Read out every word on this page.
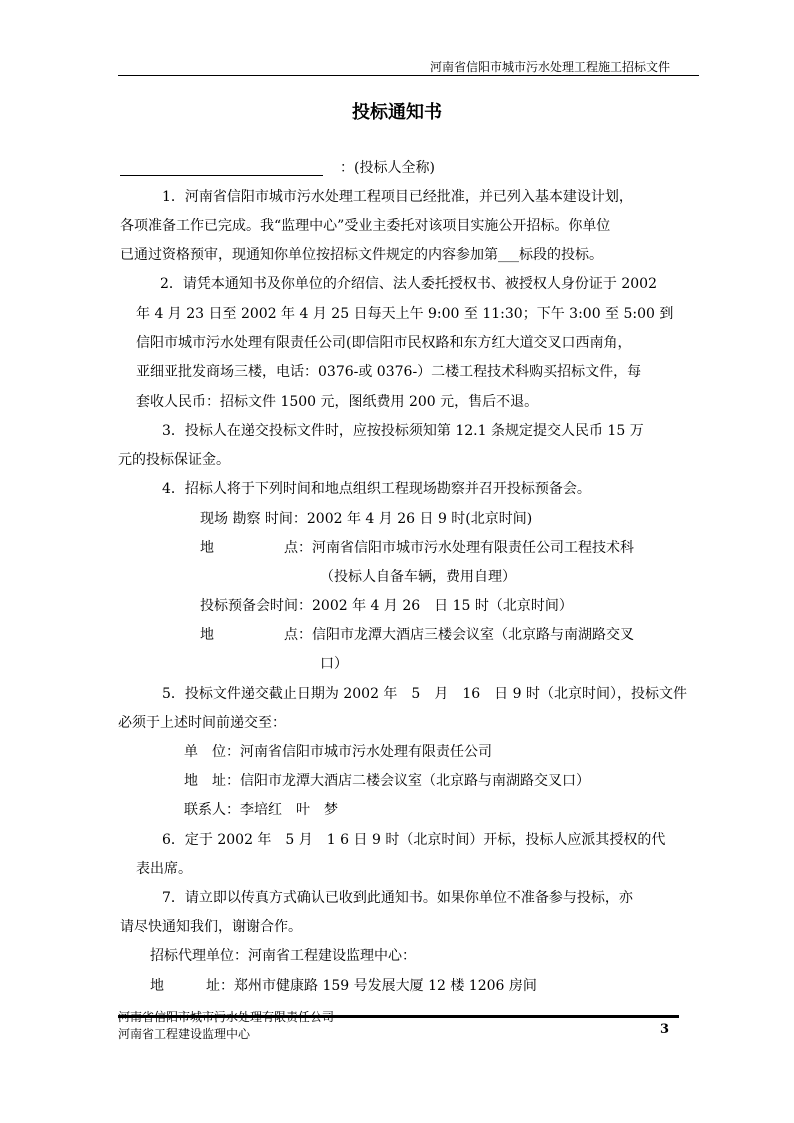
河南省信阳市城市污水处理工程施工招标文件
投标通知书
：(投标人全称)
1．河南省信阳市城市污水处理工程项目已经批准，并已列入基本建设计划，
各项准备工作已完成。我“监理中心”受业主委托对该项目实施公开招标。你单位
已通过资格预审，现通知你单位按招标文件规定的内容参加第___标段的投标。
2．请凭本通知书及你单位的介绍信、法人委托授权书、被授权人身份证于 2002
年 4 月 23 日至 2002 年 4 月 25 日每天上午 9:00 至 11:30；下午 3:00 至 5:00 到
信阳市城市污水处理有限责任公司(即信阳市民权路和东方红大道交叉口西南角，
亚细亚批发商场三楼，电话：0376-或 0376-）二楼工程技术科购买招标文件，每
套收人民币：招标文件 1500 元，图纸费用 200 元，售后不退。
3．投标人在递交投标文件时，应按投标须知第 12.1 条规定提交人民币 15 万
元的投标保证金。
4．招标人将于下列时间和地点组织工程现场勘察并召开投标预备会。
现场 勘察 时间：2002 年 4 月 26 日 9 时(北京时间)
地　　　　　点：河南省信阳市城市污水处理有限责任公司工程技术科
（投标人自备车辆，费用自理）
投标预备会时间：2002 年 4 月 26　日 15 时（北京时间）
地　　　　　点：信阳市龙潭大酒店三楼会议室（北京路与南湖路交叉
口）
5．投标文件递交截止日期为 2002 年　5　月　16　日 9 时（北京时间），投标文件
必须于上述时间前递交至：
单　位：河南省信阳市城市污水处理有限责任公司
地　址：信阳市龙潭大酒店二楼会议室（北京路与南湖路交叉口）
联系人：李培红　叶　梦
6．定于 2002 年　5 月　1 6 日 9 时（北京时间）开标，投标人应派其授权的代
表出席。
7．请立即以传真方式确认已收到此通知书。如果你单位不准备参与投标，亦
请尽快通知我们，谢谢合作。
招标代理单位：河南省工程建设监理中心：
地　　　址：郑州市健康路 159 号发展大厦 12 楼 1206 房间
河南省信阳市城市污水处理有限责任公司
河南省工程建设监理中心	3
